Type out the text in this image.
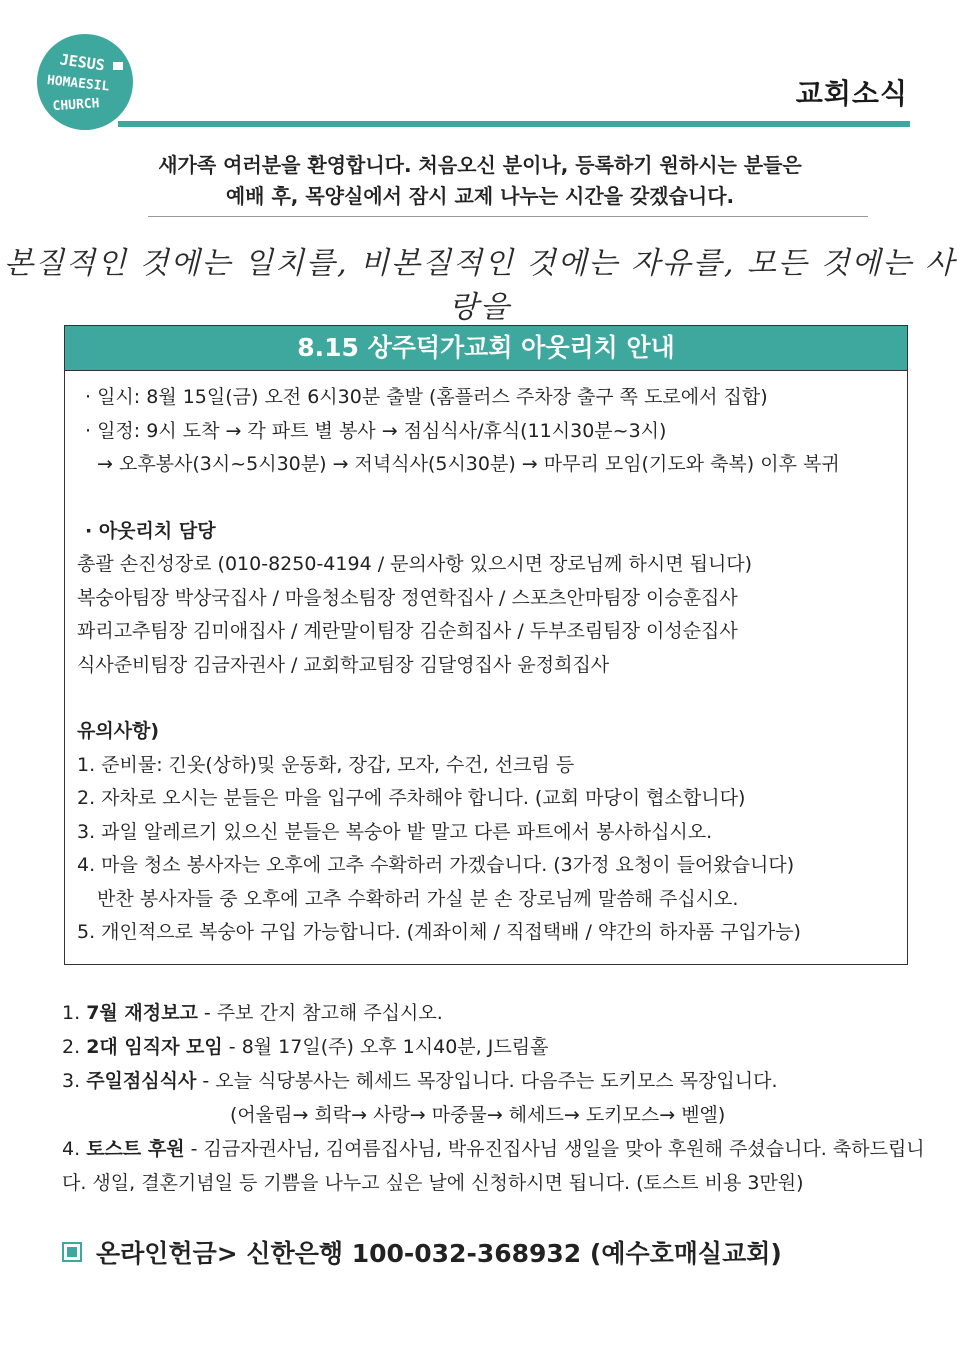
JESUS
HOMAESIL
CHURCH	교회소식
새가족 여러분을 환영합니다. 처음오신 분이나, 등록하기 원하시는 분들은
예배 후, 목양실에서 잠시 교제 나누는 시간을 갖겠습니다.
본질적인 것에는 일치를, 비본질적인 것에는 자유를, 모든 것에는 사랑을
8.15 상주덕가교회 아웃리치 안내
· 일시: 8월 15일(금) 오전 6시30분 출발 (홈플러스 주차장 출구 쪽 도로에서 집합)
· 일정: 9시 도착 → 각 파트 별 봉사 → 점심식사/휴식(11시30분~3시)
→ 오후봉사(3시~5시30분) → 저녁식사(5시30분) → 마무리 모임(기도와 축복) 이후 복귀
· 아웃리치 담당
총괄 손진성장로 (010-8250-4194 / 문의사항 있으시면 장로님께 하시면 됩니다)
복숭아팀장 박상국집사 / 마을청소팀장 정연학집사 / 스포츠안마팀장 이승훈집사
꽈리고추팀장 김미애집사 / 계란말이팀장 김순희집사 / 두부조림팀장 이성순집사
식사준비팀장 김금자권사 / 교회학교팀장 김달영집사 윤정희집사
유의사항)
1. 준비물: 긴옷(상하)및 운동화, 장갑, 모자, 수건, 선크림 등
2. 자차로 오시는 분들은 마을 입구에 주차해야 합니다. (교회 마당이 협소합니다)
3. 과일 알레르기 있으신 분들은 복숭아 밭 말고 다른 파트에서 봉사하십시오.
4. 마을 청소 봉사자는 오후에 고추 수확하러 가겠습니다. (3가정 요청이 들어왔습니다)
반찬 봉사자들 중 오후에 고추 수확하러 가실 분 손 장로님께 말씀해 주십시오.
5. 개인적으로 복숭아 구입 가능합니다. (계좌이체 / 직접택배 / 약간의 하자품 구입가능)
1. 7월 재정보고 - 주보 간지 참고해 주십시오.
2. 2대 임직자 모임 - 8월 17일(주) 오후 1시40분, J드림홀
3. 주일점심식사 - 오늘 식당봉사는 헤세드 목장입니다. 다음주는 도키모스 목장입니다.
(어울림→ 희락→ 사랑→ 마중물→ 헤세드→ 도키모스→ 벧엘)
4. 토스트 후원 - 김금자권사님, 김여름집사님, 박유진집사님 생일을 맞아 후원해 주셨습니다. 축하드립니다. 생일, 결혼기념일 등 기쁨을 나누고 싶은 날에 신청하시면 됩니다. (토스트 비용 3만원)
온라인헌금> 신한은행 100-032-368932 (예수호매실교회)
